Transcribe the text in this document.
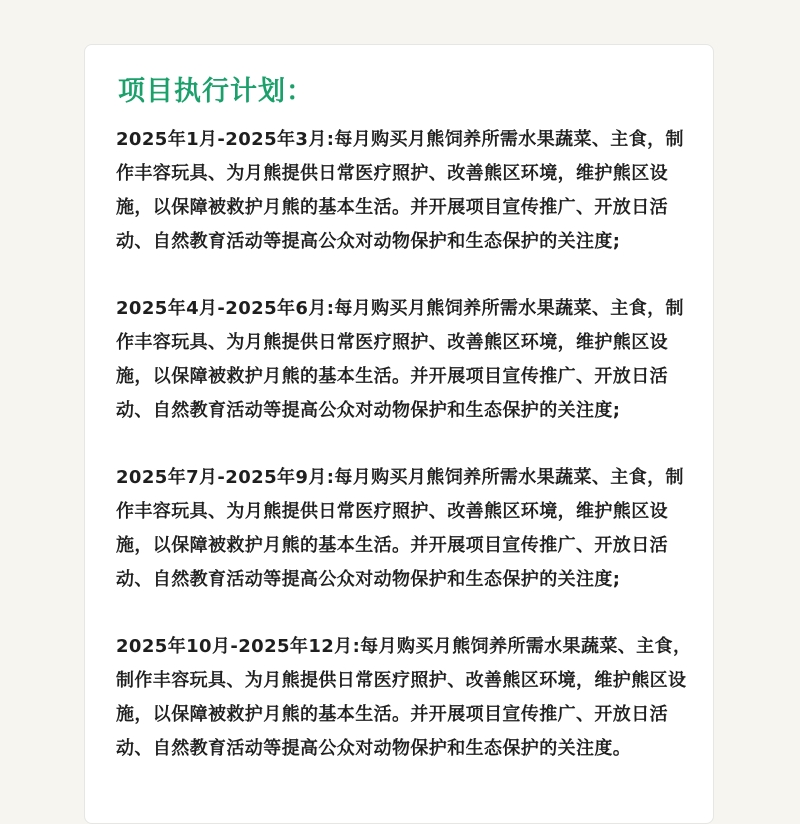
项目执行计划：

2025年1月-2025年3月:每月购买月熊饲养所需水果蔬菜、主食，制作丰容玩具、为月熊提供日常医疗照护、改善熊区环境，维护熊区设施，以保障被救护月熊的基本生活。并开展项目宣传推广、开放日活动、自然教育活动等提高公众对动物保护和生态保护的关注度;

2025年4月-2025年6月:每月购买月熊饲养所需水果蔬菜、主食，制作丰容玩具、为月熊提供日常医疗照护、改善熊区环境，维护熊区设施，以保障被救护月熊的基本生活。并开展项目宣传推广、开放日活动、自然教育活动等提高公众对动物保护和生态保护的关注度;

2025年7月-2025年9月:每月购买月熊饲养所需水果蔬菜、主食，制作丰容玩具、为月熊提供日常医疗照护、改善熊区环境，维护熊区设施，以保障被救护月熊的基本生活。并开展项目宣传推广、开放日活动、自然教育活动等提高公众对动物保护和生态保护的关注度;

2025年10月-2025年12月:每月购买月熊饲养所需水果蔬菜、主食，制作丰容玩具、为月熊提供日常医疗照护、改善熊区环境，维护熊区设施，以保障被救护月熊的基本生活。并开展项目宣传推广、开放日活动、自然教育活动等提高公众对动物保护和生态保护的关注度。
